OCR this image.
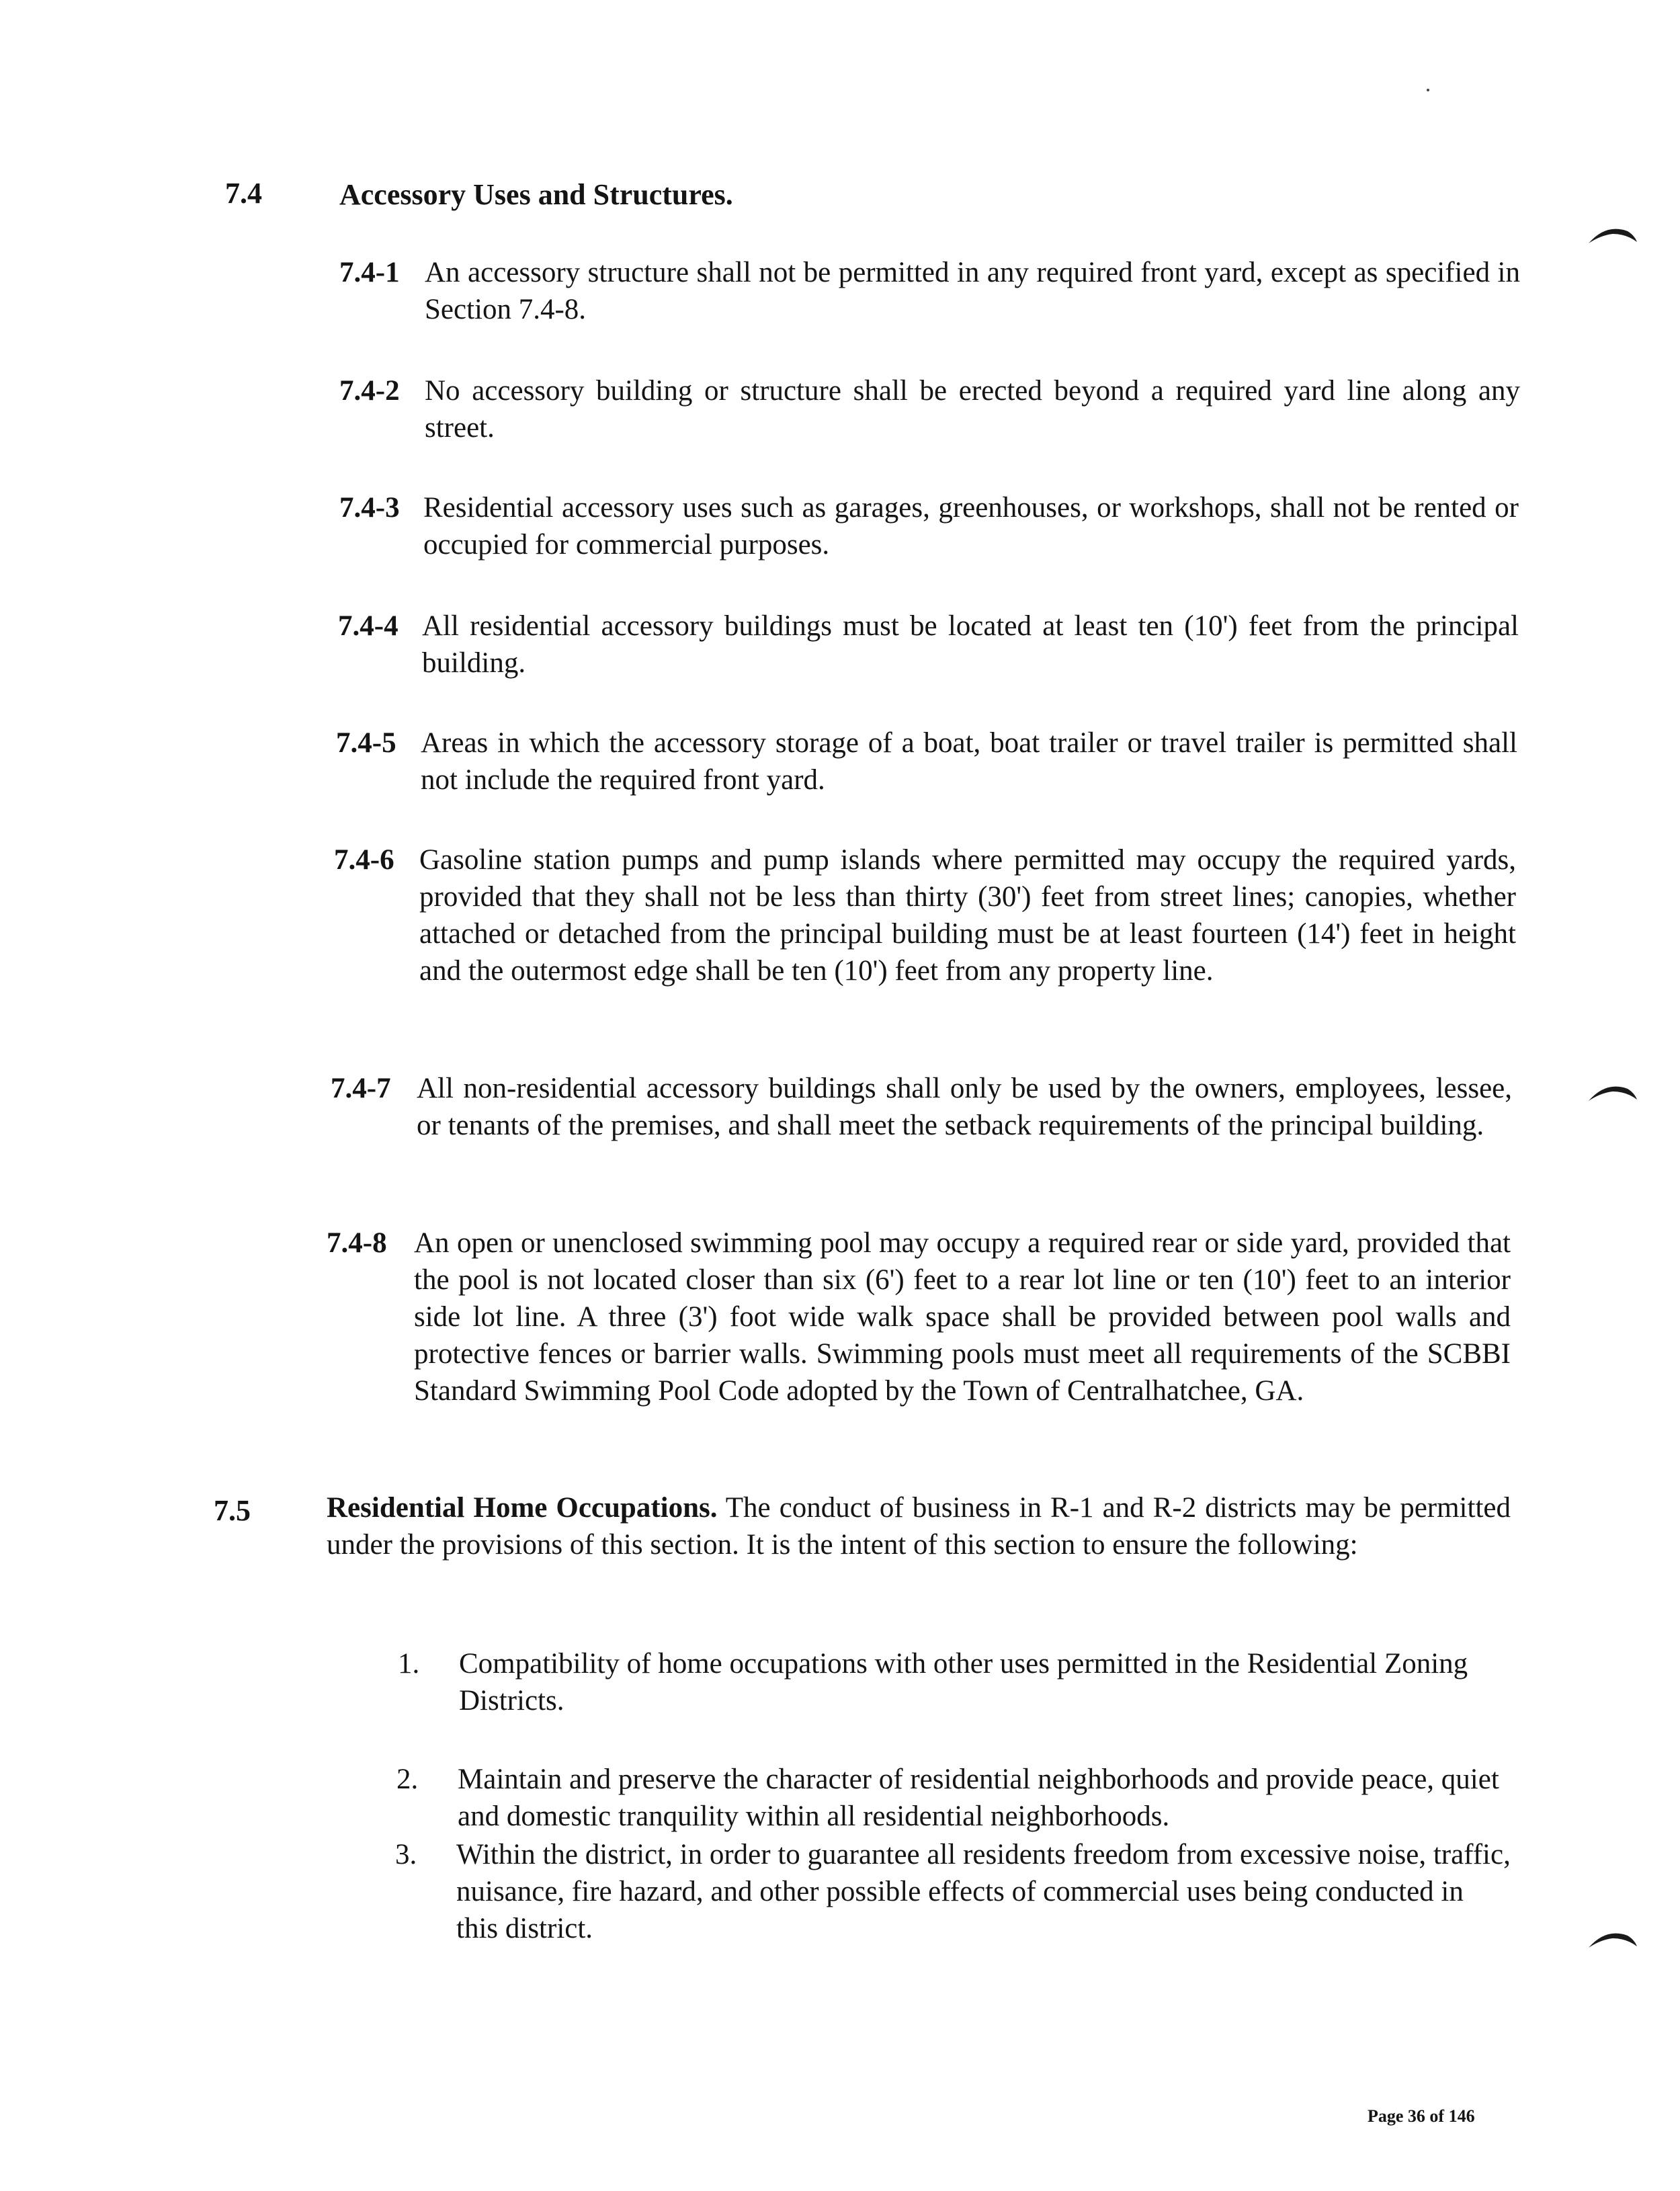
7.4	Accessory Uses and Structures.
7.4-1 An accessory structure shall not be permitted in any required front yard, except as specified in Section 7.4-8.
7.4-2 No accessory building or structure shall be erected beyond a required yard line along any street.
7.4-3 Residential accessory uses such as garages, greenhouses, or workshops, shall not be rented or occupied for commercial purposes.
7.4-4 All residential accessory buildings must be located at least ten (10') feet from the principal building.
7.4-5 Areas in which the accessory storage of a boat, boat trailer or travel trailer is permitted shall not include the required front yard.
7.4-6 Gasoline station pumps and pump islands where permitted may occupy the required yards, provided that they shall not be less than thirty (30') feet from street lines; canopies, whether attached or detached from the principal building must be at least fourteen (14') feet in height and the outermost edge shall be ten (10') feet from any property line.
7.4-7 All non-residential accessory buildings shall only be used by the owners, employees, lessee, or tenants of the premises, and shall meet the setback requirements of the principal building.
7.4-8 An open or unenclosed swimming pool may occupy a required rear or side yard, provided that the pool is not located closer than six (6') feet to a rear lot line or ten (10') feet to an interior side lot line. A three (3') foot wide walk space shall be provided between pool walls and protective fences or barrier walls. Swimming pools must meet all requirements of the SCBBI Standard Swimming Pool Code adopted by the Town of Centralhatchee, GA.
7.5	Residential Home Occupations. The conduct of business in R-1 and R-2 districts may be permitted under the provisions of this section. It is the intent of this section to ensure the following:
1. Compatibility of home occupations with other uses permitted in the Residential Zoning Districts.
2. Maintain and preserve the character of residential neighborhoods and provide peace, quiet and domestic tranquility within all residential neighborhoods.
3. Within the district, in order to guarantee all residents freedom from excessive noise, traffic, nuisance, fire hazard, and other possible effects of commercial uses being conducted in this district.
Page 36 of 146
